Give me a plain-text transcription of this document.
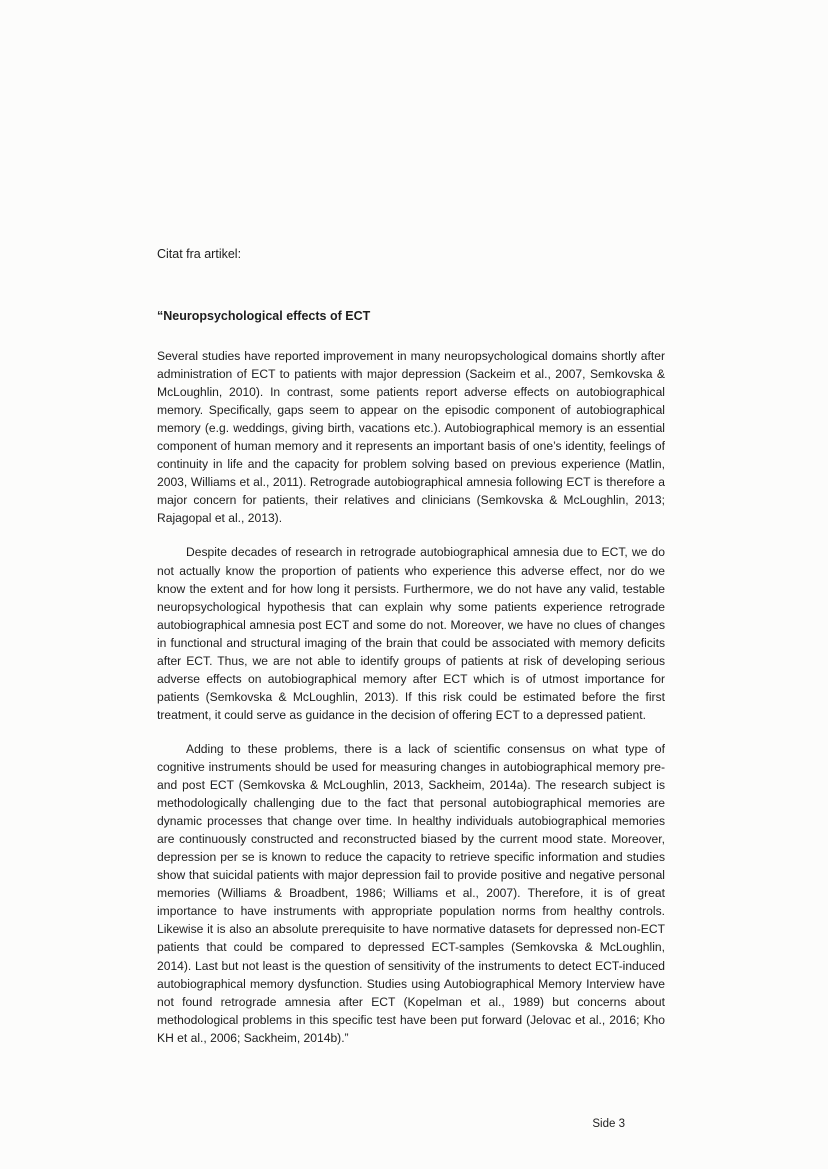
Citat fra artikel:

“Neuropsychological effects of ECT

Several studies have reported improvement in many neuropsychological domains shortly after administration of ECT to patients with major depression (Sackeim et al., 2007, Semkovska & McLoughlin, 2010). In contrast, some patients report adverse effects on autobiographical memory. Specifically, gaps seem to appear on the episodic component of autobiographical memory (e.g. weddings, giving birth, vacations etc.). Autobiographical memory is an essential component of human memory and it represents an important basis of one’s identity, feelings of continuity in life and the capacity for problem solving based on previous experience (Matlin, 2003, Williams et al., 2011). Retrograde autobiographical amnesia following ECT is therefore a major concern for patients, their relatives and clinicians (Semkovska & McLoughlin, 2013; Rajagopal et al., 2013).

Despite decades of research in retrograde autobiographical amnesia due to ECT, we do not actually know the proportion of patients who experience this adverse effect, nor do we know the extent and for how long it persists. Furthermore, we do not have any valid, testable neuropsychological hypothesis that can explain why some patients experience retrograde autobiographical amnesia post ECT and some do not. Moreover, we have no clues of changes in functional and structural imaging of the brain that could be associated with memory deficits after ECT. Thus, we are not able to identify groups of patients at risk of developing serious adverse effects on autobiographical memory after ECT which is of utmost importance for patients (Semkovska & McLoughlin, 2013). If this risk could be estimated before the first treatment, it could serve as guidance in the decision of offering ECT to a depressed patient.

Adding to these problems, there is a lack of scientific consensus on what type of cognitive instruments should be used for measuring changes in autobiographical memory pre- and post ECT (Semkovska & McLoughlin, 2013, Sackheim, 2014a). The research subject is methodologically challenging due to the fact that personal autobiographical memories are dynamic processes that change over time. In healthy individuals autobiographical memories are continuously constructed and reconstructed biased by the current mood state. Moreover, depression per se is known to reduce the capacity to retrieve specific information and studies show that suicidal patients with major depression fail to provide positive and negative personal memories (Williams & Broadbent, 1986; Williams et al., 2007). Therefore, it is of great importance to have instruments with appropriate population norms from healthy controls. Likewise it is also an absolute prerequisite to have normative datasets for depressed non-ECT patients that could be compared to depressed ECT-samples (Semkovska & McLoughlin, 2014). Last but not least is the question of sensitivity of the instruments to detect ECT-induced autobiographical memory dysfunction. Studies using Autobiographical Memory Interview have not found retrograde amnesia after ECT (Kopelman et al., 1989) but concerns about methodological problems in this specific test have been put forward (Jelovac et al., 2016; Kho KH et al., 2006; Sackheim, 2014b).”

Side 3
